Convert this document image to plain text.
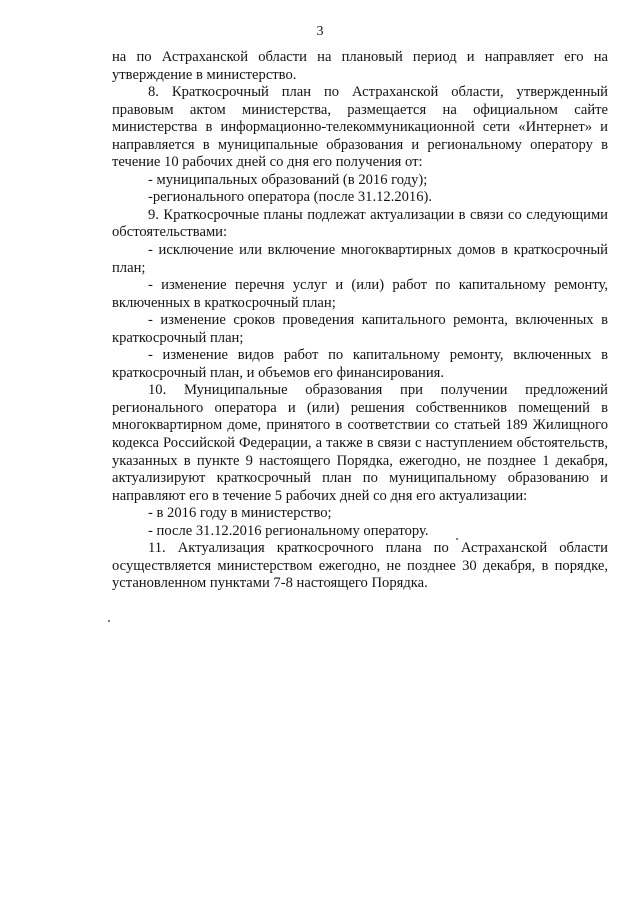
3

на по Астраханской области на плановый период и направляет его на утверждение в министерство.

8. Краткосрочный план по Астраханской области, утвержденный правовым актом министерства, размещается на официальном сайте министерства в информационно-телекоммуникационной сети «Интернет» и направляется в муниципальные образования и региональному оператору в течение 10 рабочих дней со дня его получения от:

- муниципальных образований (в 2016 году);

-регионального оператора (после 31.12.2016).

9. Краткосрочные планы подлежат актуализации в связи со следующими обстоятельствами:

- исключение или включение многоквартирных домов в краткосрочный план;

- изменение перечня услуг и (или) работ по капитальному ремонту, включенных в краткосрочный план;

- изменение сроков проведения капитального ремонта, включенных в краткосрочный план;

- изменение видов работ по капитальному ремонту, включенных в краткосрочный план, и объемов его финансирования.

10. Муниципальные образования при получении предложений регионального оператора и (или) решения собственников помещений в многоквартирном доме, принятого в соответствии со статьей 189 Жилищного кодекса Российской Федерации, а также в связи с наступлением обстоятельств, указанных в пункте 9 настоящего Порядка, ежегодно, не позднее 1 декабря, актуализируют краткосрочный план по муниципальному образованию и направляют его в течение 5 рабочих дней со дня его актуализации:

- в 2016 году в министерство;

- после 31.12.2016 региональному оператору.

11. Актуализация краткосрочного плана по Астраханской области осуществляется министерством ежегодно, не позднее 30 декабря, в порядке, установленном пунктами 7-8 настоящего Порядка.
